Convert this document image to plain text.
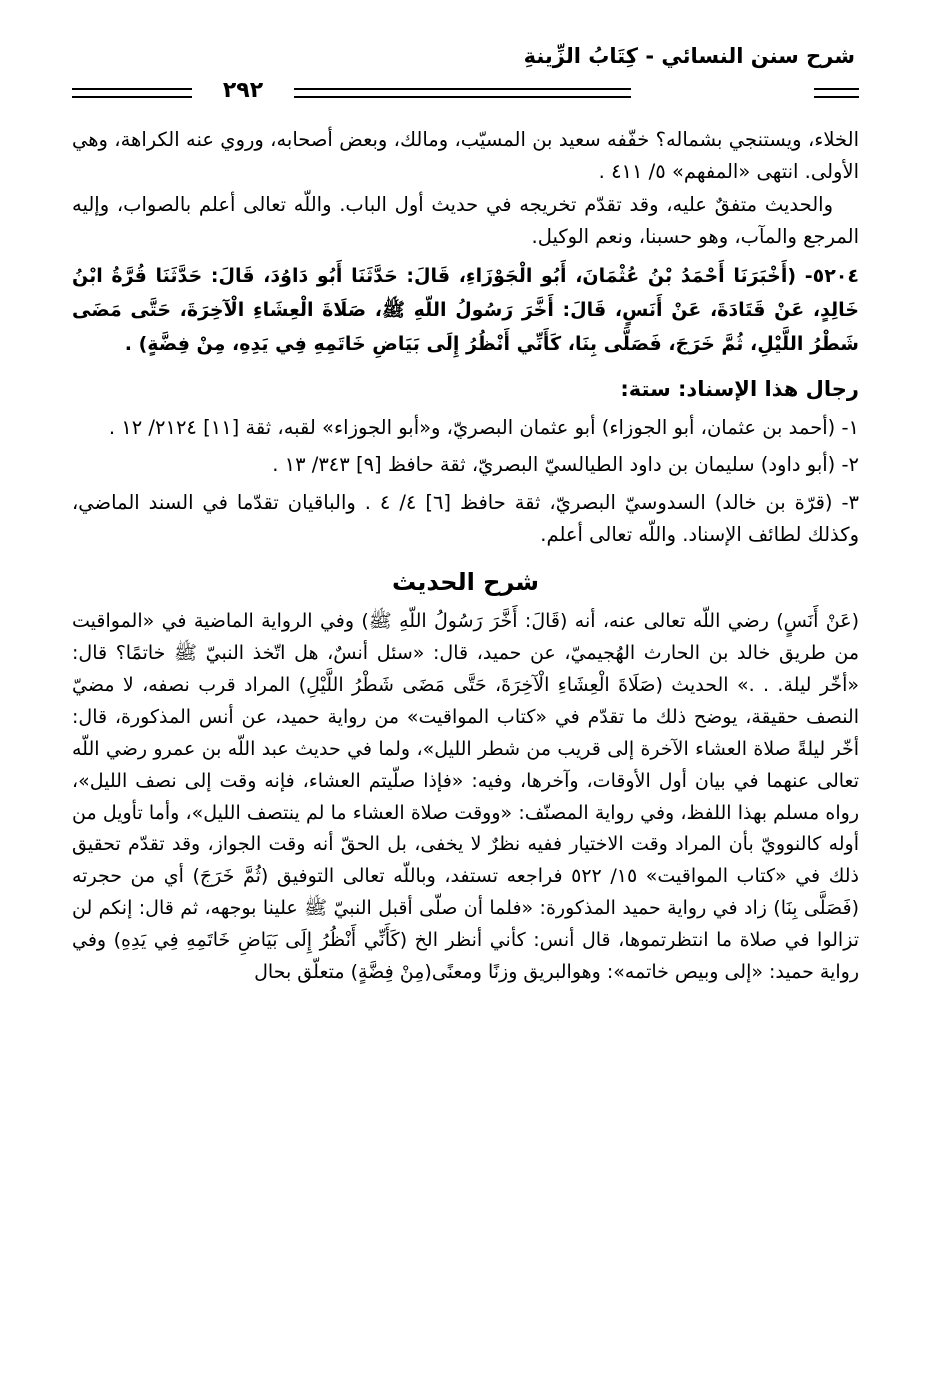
شرح سنن النسائي - كِتَابُ الزِّينةِ
٢٩٢

الخلاء، ويستنجي بشماله؟ خفّفه سعيد بن المسيّب، ومالك، وبعض أصحابه، وروي عنه الكراهة، وهي الأولى. انتهى «المفهم» ٥/ ٤١١ .

والحديث متفقٌ عليه، وقد تقدّم تخريجه في حديث أول الباب. واللّه تعالى أعلم بالصواب، وإليه المرجع والمآب، وهو حسبنا، ونعم الوكيل.

٥٢٠٤- (أَخْبَرَنَا أَحْمَدُ بْنُ عُثْمَانَ، أَبُو الْجَوْزَاءِ، قَالَ: حَدَّثَنَا أَبُو دَاوُدَ، قَالَ: حَدَّثَنَا قُرَّةُ ابْنُ خَالِدٍ، عَنْ قَتَادَةَ، عَنْ أَنَسٍ، قَالَ: أَخَّرَ رَسُولُ اللّهِ ﷺ، صَلَاةَ الْعِشَاءِ الْآخِرَةَ، حَتَّى مَضَى شَطْرُ اللَّيْلِ، ثُمَّ خَرَجَ، فَصَلَّى بِنَا، كَأَنِّي أَنْظُرُ إِلَى بَيَاضِ خَاتَمِهِ فِي يَدِهِ، مِنْ فِضَّةٍ) .

رجال هذا الإسناد: ستة:

١- (أحمد بن عثمان، أبو الجوزاء) أبو عثمان البصريّ، و«أبو الجوزاء» لقبه، ثقة [١١] ٢١٢٤/ ١٢ .

٢- (أبو داود) سليمان بن داود الطيالسيّ البصريّ، ثقة حافظ [٩] ٣٤٣/ ١٣ .

٣- (قرّة بن خالد) السدوسيّ البصريّ، ثقة حافظ [٦] ٤/ ٤ . والباقيان تقدّما في السند الماضي، وكذلك لطائف الإسناد. واللّه تعالى أعلم.

شرح الحديث

(عَنْ أَنَسٍ) رضي اللّه تعالى عنه، أنه (قَالَ: أَخَّرَ رَسُولُ اللّهِ ﷺ) وفي الرواية الماضية في «المواقيت من طريق خالد بن الحارث الهُجيميّ، عن حميد، قال: «سئل أنسٌ، هل اتّخذ النبيّ ﷺ خاتمًا؟ قال: «أخّر ليلة. . .» الحديث (صَلَاةَ الْعِشَاءِ الْآخِرَةَ، حَتَّى مَضَى شَطْرُ اللَّيْلِ) المراد قرب نصفه، لا مضيّ النصف حقيقة، يوضح ذلك ما تقدّم في «كتاب المواقيت» من رواية حميد، عن أنس المذكورة، قال: أخّر ليلةً صلاة العشاء الآخرة إلى قريب من شطر الليل»، ولما في حديث عبد اللّه بن عمرو رضي اللّه تعالى عنهما في بيان أول الأوقات، وآخرها، وفيه: «فإذا صلّيتم العشاء، فإنه وقت إلى نصف الليل»، رواه مسلم بهذا اللفظ، وفي رواية المصنّف: «ووقت صلاة العشاء ما لم ينتصف الليل»، وأما تأويل من أوله كالنوويّ بأن المراد وقت الاختيار ففيه نظرٌ لا يخفى، بل الحقّ أنه وقت الجواز، وقد تقدّم تحقيق ذلك في «كتاب المواقيت» ١٥/ ٥٢٢ فراجعه تستفد، وباللّه تعالى التوفيق (ثُمَّ خَرَجَ) أي من حجرته (فَصَلَّى بِنَا) زاد في رواية حميد المذكورة: «فلما أن صلّى أقبل النبيّ ﷺ علينا بوجهه، ثم قال: إنكم لن تزالوا في صلاة ما انتظرتموها، قال أنس: كأني أنظر الخ (كَأَنِّي أَنْظُرُ إِلَى بَيَاضِ خَاتَمِهِ فِي يَدِهِ) وفي رواية حميد: «إلى وبيص خاتمه»: وهوالبريق وزنًا ومعنًى(مِنْ فِضَّةٍ) متعلّق بحال
